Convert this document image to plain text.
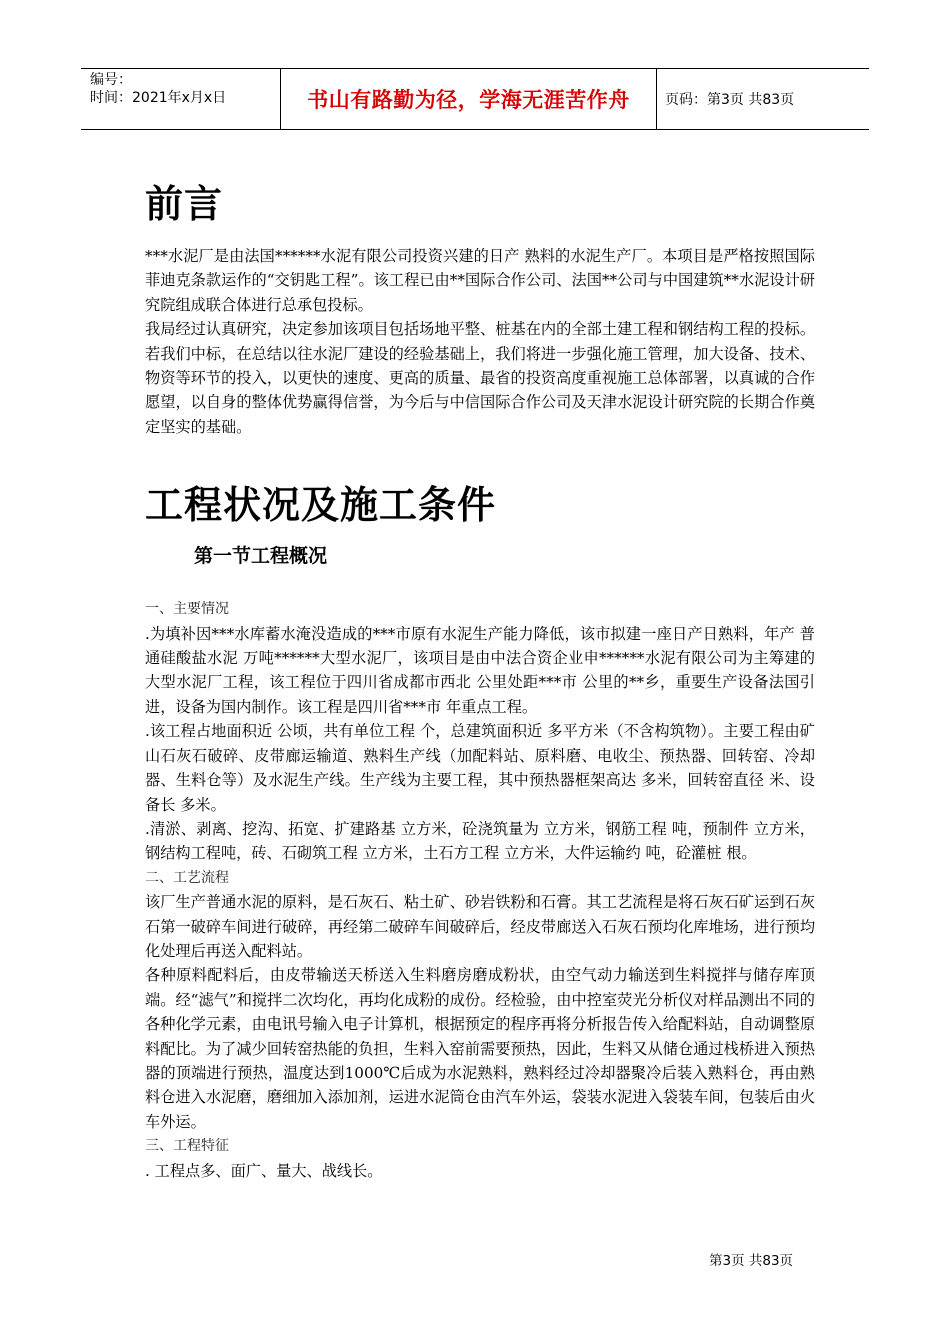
编号：
时间：2021年x月x日	书山有路勤为径，学海无涯苦作舟	页码：第3页 共83页
前言

***水泥厂是由法国******水泥有限公司投资兴建的日产 熟料的水泥生产厂。本项目是严格按照国际菲迪克条款运作的“交钥匙工程”。该工程已由**国际合作公司、法国**公司与中国建筑**水泥设计研究院组成联合体进行总承包投标。

我局经过认真研究，决定参加该项目包括场地平整、桩基在内的全部土建工程和钢结构工程的投标。若我们中标，在总结以往水泥厂建设的经验基础上，我们将进一步强化施工管理，加大设备、技术、物资等环节的投入，以更快的速度、更高的质量、最省的投资高度重视施工总体部署，以真诚的合作愿望，以自身的整体优势赢得信誉，为今后与中信国际合作公司及天津水泥设计研究院的长期合作奠定坚实的基础。

工程状况及施工条件
第一节工程概况
一、主要情况

.为填补因***水库蓄水淹没造成的***市原有水泥生产能力降低，该市拟建一座日产日熟料，年产 普通硅酸盐水泥 万吨******大型水泥厂，该项目是由中法合资企业申******水泥有限公司为主筹建的大型水泥厂工程，该工程位于四川省成都市西北 公里处距***市 公里的**乡，重要生产设备法国引进，设备为国内制作。该工程是四川省***市 年重点工程。

.该工程占地面积近 公顷，共有单位工程 个，总建筑面积近 多平方米（不含构筑物）。主要工程由矿山石灰石破碎、皮带廊运输道、熟料生产线（加配料站、原料磨、电收尘、预热器、回转窑、冷却器、生料仓等）及水泥生产线。生产线为主要工程，其中预热器框架高达 多米，回转窑直径 米、设备长 多米。

.清淤、剥离、挖沟、拓宽、扩建路基 立方米，砼浇筑量为 立方米，钢筋工程 吨，预制件 立方米，钢结构工程吨，砖、石砌筑工程 立方米，土石方工程 立方米，大件运输约 吨，砼灌桩 根。

二、工艺流程

该厂生产普通水泥的原料，是石灰石、粘土矿、砂岩铁粉和石膏。其工艺流程是将石灰石矿运到石灰石第一破碎车间进行破碎，再经第二破碎车间破碎后，经皮带廊送入石灰石预均化库堆场，进行预均化处理后再送入配料站。

各种原料配料后，由皮带输送天桥送入生料磨房磨成粉状，由空气动力输送到生料搅拌与储存库顶端。经“滤气”和搅拌二次均化，再均化成粉的成份。经检验，由中控室荧光分析仪对样品测出不同的各种化学元素，由电讯号输入电子计算机，根据预定的程序再将分析报告传入给配料站，自动调整原料配比。为了减少回转窑热能的负担，生料入窑前需要预热，因此，生料又从储仓通过栈桥进入预热器的顶端进行预热，温度达到1000℃后成为水泥熟料，熟料经过冷却器聚冷后装入熟料仓，再由熟料仓进入水泥磨，磨细加入添加剂，运进水泥筒仓由汽车外运，袋装水泥进入袋装车间，包装后由火车外运。

三、工程特征

. 工程点多、面广、量大、战线长。

第3页 共83页
